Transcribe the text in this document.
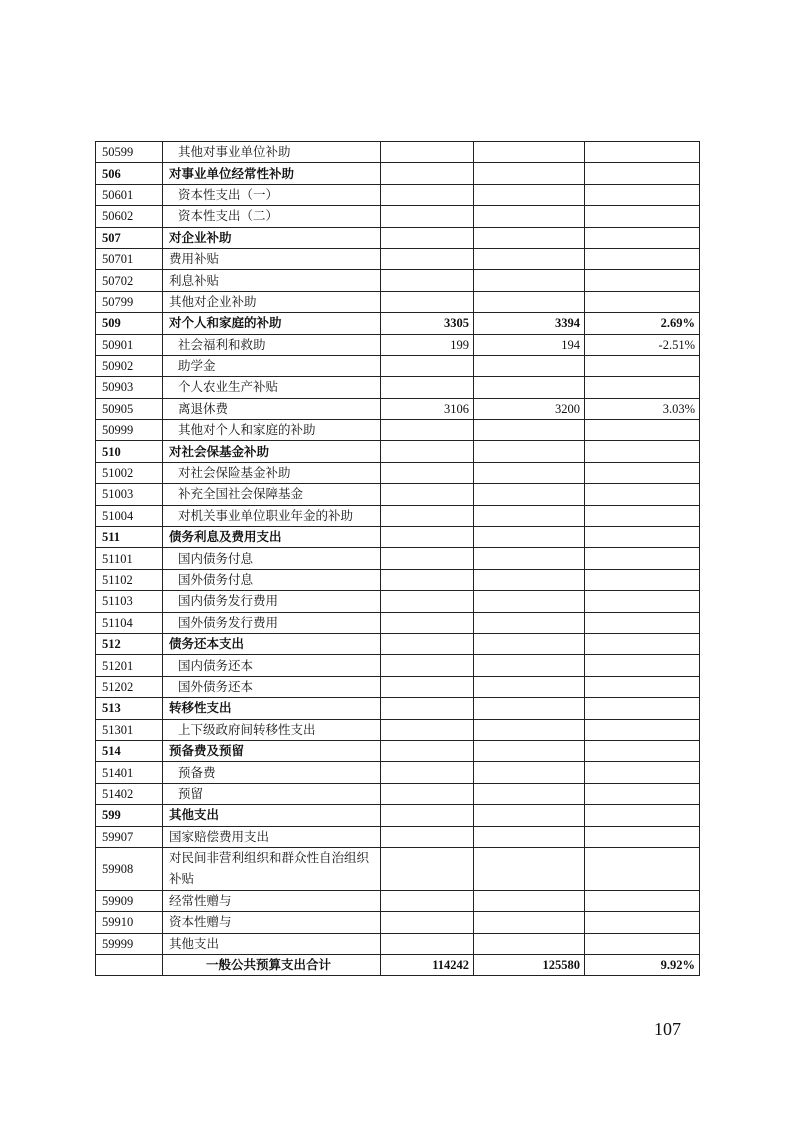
50599	其他对事业单位补助			
506	对事业单位经常性补助			
50601	资本性支出（一）			
50602	资本性支出（二）			
507	对企业补助			
50701	费用补贴			
50702	利息补贴			
50799	其他对企业补助			
509	对个人和家庭的补助	3305	3394	2.69%
50901	社会福利和救助	199	194	-2.51%
50902	助学金			
50903	个人农业生产补贴			
50905	离退休费	3106	3200	3.03%
50999	其他对个人和家庭的补助			
510	对社会保基金补助			
51002	对社会保险基金补助			
51003	补充全国社会保障基金			
51004	对机关事业单位职业年金的补助			
511	债务利息及费用支出			
51101	国内债务付息			
51102	国外债务付息			
51103	国内债务发行费用			
51104	国外债务发行费用			
512	债务还本支出			
51201	国内债务还本			
51202	国外债务还本			
513	转移性支出			
51301	上下级政府间转移性支出			
514	预备费及预留			
51401	预备费			
51402	预留			
599	其他支出			
59907	国家赔偿费用支出			
59908	对民间非营利组织和群众性自治组织补贴			
59909	经常性赠与			
59910	资本性赠与			
59999	其他支出			
	一般公共预算支出合计	114242	125580	9.92%
107
